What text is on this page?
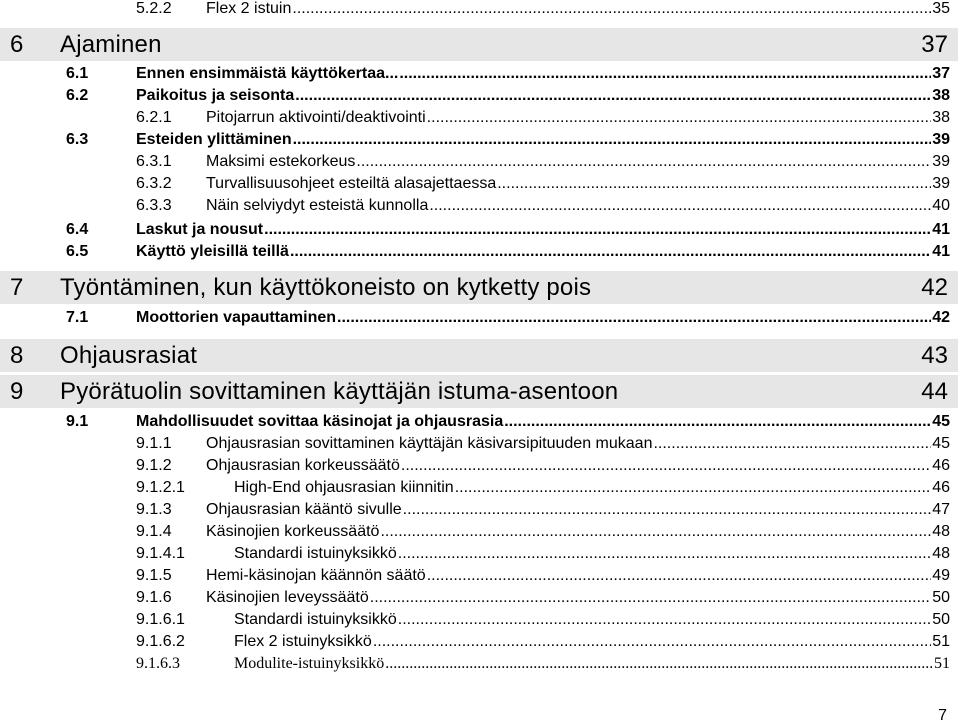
5.2.2	Flex 2 istuin .....	35
6	Ajaminen	37
6.1	Ennen ensimmäistä käyttökertaa... .....	37
6.2	Paikoitus ja seisonta .....	38
6.2.1	Pitojarrun aktivointi/deaktivointi .....	38
6.3	Esteiden ylittäminen .....	39
6.3.1	Maksimi estekorkeus .....	39
6.3.2	Turvallisuusohjeet esteiltä alasajettaessa .....	39
6.3.3	Näin selviydyt esteistä kunnolla .....	40
6.4	Laskut ja nousut .....	41
6.5	Käyttö yleisillä teillä .....	41
7	Työntäminen, kun käyttökoneisto on kytketty pois	42
7.1	Moottorien vapauttaminen .....	42
8	Ohjausrasiat	43
9	Pyörätuolin sovittaminen käyttäjän istuma-asentoon	44
9.1	Mahdollisuudet sovittaa käsinojat ja ohjausrasia .....	45
9.1.1	Ohjausrasian sovittaminen käyttäjän käsivarsipituuden mukaan .....	45
9.1.2	Ohjausrasian korkeussäätö .....	46
9.1.2.1	High-End ohjausrasian kiinnitin .....	46
9.1.3	Ohjausrasian kääntö sivulle .....	47
9.1.4	Käsinojien korkeussäätö .....	48
9.1.4.1	Standardi istuinyksikkö .....	48
9.1.5	Hemi-käsinojan käännön säätö .....	49
9.1.6	Käsinojien leveyssäätö .....	50
9.1.6.1	Standardi istuinyksikkö .....	50
9.1.6.2	Flex 2 istuinyksikkö .....	51
9.1.6.3	Modulite-istuinyksikkö .....	51
7
